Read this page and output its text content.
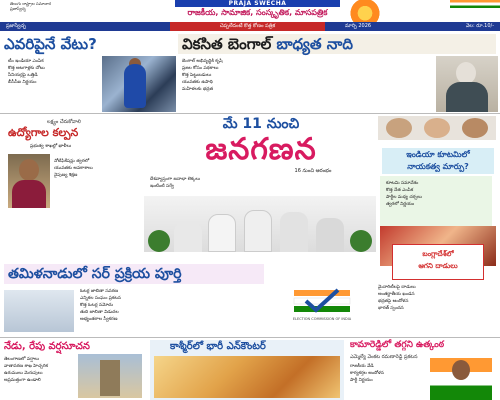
తెలుగు రాష్ట్రాల సమాచార
ప్రజాస్వేచ్ఛ
PRAJA SWECHA
రాజకీయ, సామాజిక, సంస్కృతిక, మాసపత్రిక
ప్రజాస్వేచ్ఛ	చెప్పలేదంటే కొత్త కోణం పత్రిక	మార్చి 2026	వెల: రూ.10/-
ఎవరిపైనే వేటు?
టీం ఇండియా ఎంపిక
కొత్త ఆటగాళ్లకు చోటు
సీనియర్లపై ఒత్తిడి
బీసీసీఐ నిర్ణయం
వికసిత బెంగాల్ బాధ్యత నాది
బెంగాల్ అభివృద్ధికి కృషి
ప్రజల కోసం పథకాలు
కొత్త పెట్టుబడులు
యువతకు ఉపాధి
మహిళలకు భద్రత
లక్ష్యం చేరుకోవాలి
ఉద్యోగాల కల్పన
ప్రభుత్వ శాఖల్లో ఖాళీలు
నోటిఫికేషన్లు త్వరలో
యువతకు అవకాశాలు
నైపుణ్య శిక్షణ
మే 11 నుంచి
జనగణన
16 నుంచి ఆరంభం
దేశవ్యాప్తంగా జనాభా లెక్కలు
ఇంటింటి సర్వే
ఇండియా కూటమిలో
నాయకత్వ మార్పు?
కూటమి సమావేశం
కొత్త నేత ఎంపిక
పార్టీల మధ్య చర్చలు
త్వరలో నిర్ణయం
బంగ్లాదేశ్‌లో
ఆగని దాడులు
మైనారిటీలపై దాడులు
అంతర్జాతీయ ఖండన
భద్రతపై ఆందోళన
భారత్ స్పందన
తమిళనాడులో సర్ ప్రక్రియ పూర్తి
ఓటర్ల జాబితా సవరణ
ఎన్నికల సంఘం ప్రకటన
కొత్త ఓటర్ల నమోదు
తుది జాబితా విడుదల
అభ్యంతరాల స్వీకరణ	ELECTION COMMISSION OF INDIA
నేడు, రేపు వర్షసూచన
తెలంగాణలో వర్షాలు
వాతావరణ శాఖ హెచ్చరిక
ఉరుములు మెరుపులు
అప్రమత్తంగా ఉండాలి
కాశ్మీర్‌లో భారీ ఎన్‌కౌంటర్	కామారెడ్డిలో తగ్గని ఉత్కంఠ
ఎమ్మెల్యే వెంకట రమణారెడ్డి ప్రకటన
రాజకీయ వేడి
కార్యకర్తల ఆందోళన
పార్టీ నిర్ణయం
